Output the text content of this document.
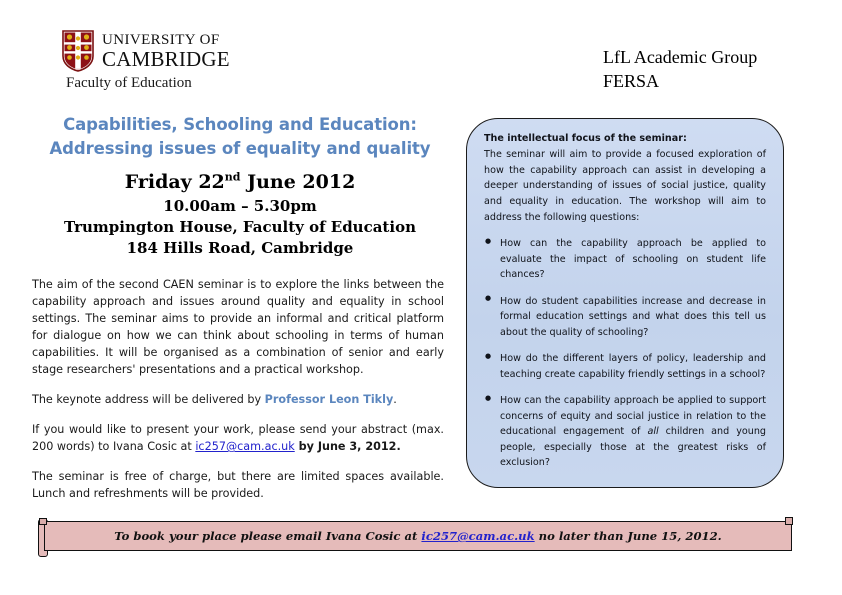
UNIVERSITY OF
CAMBRIDGE
Faculty of Education
LfL Academic Group
FERSA
Capabilities, Schooling and Education:
Addressing issues of equality and quality
Friday 22nd June 2012
10.00am – 5.30pm
Trumpington House, Faculty of Education
184 Hills Road, Cambridge

The aim of the second CAEN seminar is to explore the links between the capability approach and issues around quality and equality in school settings. The seminar aims to provide an informal and critical platform for dialogue on how we can think about schooling in terms of human capabilities. It will be organised as a combination of senior and early stage researchers' presentations and a practical workshop.

The keynote address will be delivered by Professor Leon Tikly.

If you would like to present your work, please send your abstract (max. 200 words) to Ivana Cosic at ic257@cam.ac.uk by June 3, 2012.

The seminar is free of charge, but there are limited spaces available. Lunch and refreshments will be provided.

The intellectual focus of the seminar:

The seminar will aim to provide a focused exploration of how the capability approach can assist in developing a deeper understanding of issues of social justice, quality and equality in education. The workshop will aim to address the following questions:

● How can the capability approach be applied to evaluate the impact of schooling on student life chances?
● How do student capabilities increase and decrease in formal education settings and what does this tell us about the quality of schooling?
● How do the different layers of policy, leadership and teaching create capability friendly settings in a school?
● How can the capability approach be applied to support concerns of equity and social justice in relation to the educational engagement of all children and young people, especially those at the greatest risks of exclusion?
To book your place please email Ivana Cosic at ic257@cam.ac.uk no later than June 15, 2012.
